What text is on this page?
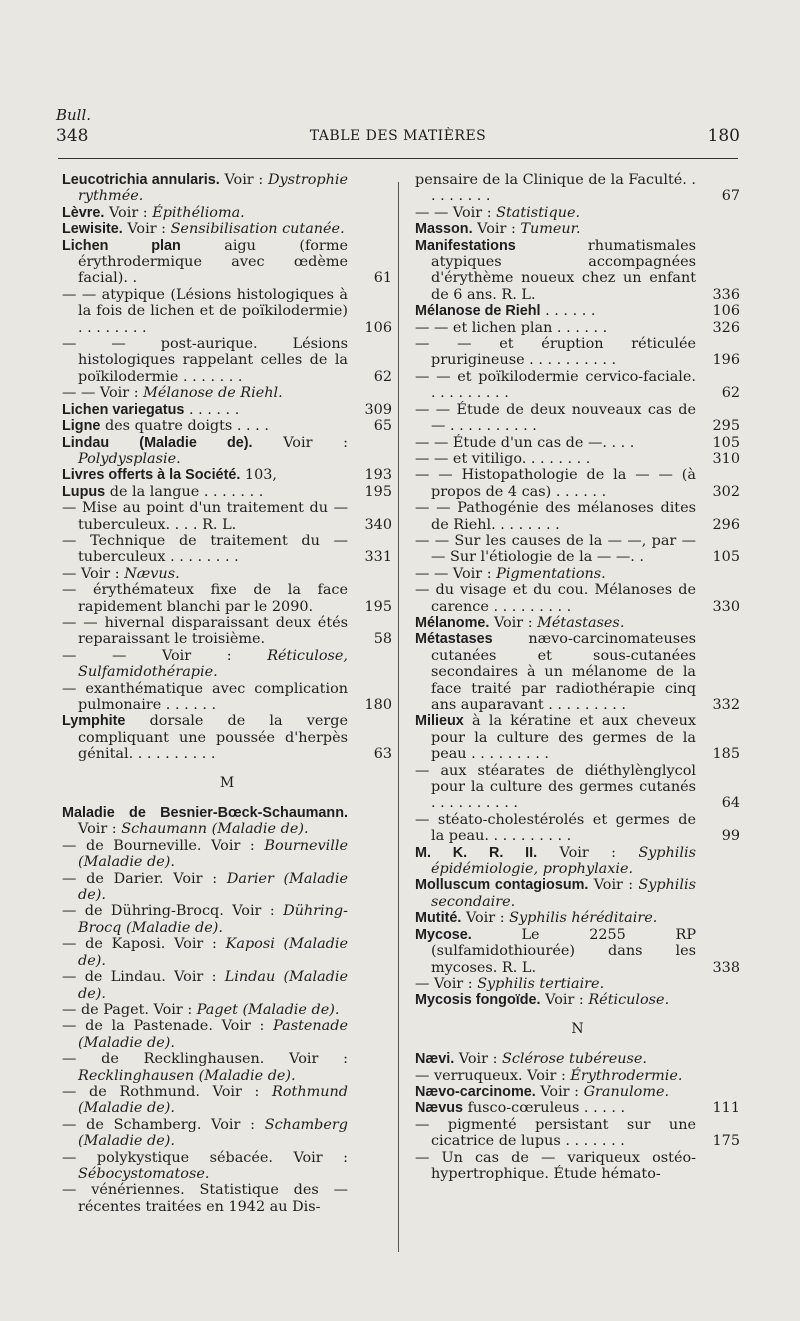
Bull.
348	TABLE DES MATIÈRES	180
Leucotrichia annularis. Voir : Dystrophie rythmée.
Lèvre. Voir : Épithélioma.
Lewisite. Voir : Sensibilisation cutanée.
Lichen plan aigu (forme érythrodermique avec œdème facial). .	61
— — atypique (Lésions histologiques à la fois de lichen et de poïkilodermie) . . . . . . . .	106
— — post-aurique. Lésions histologiques rappelant celles de la poïkilodermie . . . . . . .	62
— — Voir : Mélanose de Riehl.
Lichen variegatus . . . . . .	309
Ligne des quatre doigts . . . .	65
Lindau (Maladie de). Voir : Polydysplasie.
Livres offerts à la Société. 103,	193
Lupus de la langue . . . . . . .	195
— Mise au point d'un traitement du — tuberculeux. . . . R. L.	340
— Technique de traitement du — tuberculeux . . . . . . . .	331
— Voir : Nævus.
— érythémateux fixe de la face rapidement blanchi par le 2090.	195
— — hivernal disparaissant deux étés reparaissant le troisième.	58
— — Voir : Réticulose, Sulfamidothérapie.
— exanthématique avec complication pulmonaire . . . . . .	180
Lymphite dorsale de la verge compliquant une poussée d'herpès génital. . . . . . . . . .	63
M
Maladie de Besnier-Bœck-Schaumann. Voir : Schaumann (Maladie de).
— de Bourneville. Voir : Bourneville (Maladie de).
— de Darier. Voir : Darier (Maladie de).
— de Dühring-Brocq. Voir : Dühring-Brocq (Maladie de).
— de Kaposi. Voir : Kaposi (Maladie de).
— de Lindau. Voir : Lindau (Maladie de).
— de Paget. Voir : Paget (Maladie de).
— de la Pastenade. Voir : Pastenade (Maladie de).
— de Recklinghausen. Voir : Recklinghausen (Maladie de).
— de Rothmund. Voir : Rothmund (Maladie de).
— de Schamberg. Voir : Schamberg (Maladie de).
— polykystique sébacée. Voir : Sébocystomatose.
— vénériennes. Statistique des — récentes traitées en 1942 au Dis-
pensaire de la Clinique de la Faculté. . . . . . . . .	67
— — Voir : Statistique.
Masson. Voir : Tumeur.
Manifestations rhumatismales atypiques accompagnées d'érythème noueux chez un enfant de 6 ans. R. L.	336
Mélanose de Riehl . . . . . .	106
— — et lichen plan . . . . . .	326
— — et éruption réticulée prurigineuse . . . . . . . . . .	196
— — et poïkilodermie cervico-faciale. . . . . . . . . .	62
— — Étude de deux nouveaux cas de — . . . . . . . . . .	295
— — Étude d'un cas de —. . . .	105
— — et vitiligo. . . . . . . .	310
— — Histopathologie de la — — (à propos de 4 cas) . . . . . .	302
— — Pathogénie des mélanoses dites de Riehl. . . . . . . .	296
— — Sur les causes de la — —, par — — Sur l'étiologie de la — —. .	105
— — Voir : Pigmentations.
— du visage et du cou. Mélanoses de carence . . . . . . . . .	330
Mélanome. Voir : Métastases.
Métastases nævo-carcinomateuses cutanées et sous-cutanées secondaires à un mélanome de la face traité par radiothérapie cinq ans auparavant . . . . . . . . .	332
Milieux à la kératine et aux cheveux pour la culture des germes de la peau . . . . . . . . .	185
— aux stéarates de diéthylènglycol pour la culture des germes cutanés . . . . . . . . . .	64
— stéato-cholestérolés et germes de la peau. . . . . . . . . .	99
M. K. R. II. Voir : Syphilis épidémiologie, prophylaxie.
Molluscum contagiosum. Voir : Syphilis secondaire.
Mutité. Voir : Syphilis héréditaire.
Mycose. Le 2255 RP (sulfamidothiourée) dans les mycoses. R. L.	338
— Voir : Syphilis tertiaire.
Mycosis fongoïde. Voir : Réticulose.
N
Nævi. Voir : Sclérose tubéreuse.
— verruqueux. Voir : Érythrodermie.
Nævo-carcinome. Voir : Granulome.
Nævus fusco-cœruleus . . . . .	111
— pigmenté persistant sur une cicatrice de lupus . . . . . . .	175
— Un cas de — variqueux ostéo-hypertrophique. Étude hémato-
